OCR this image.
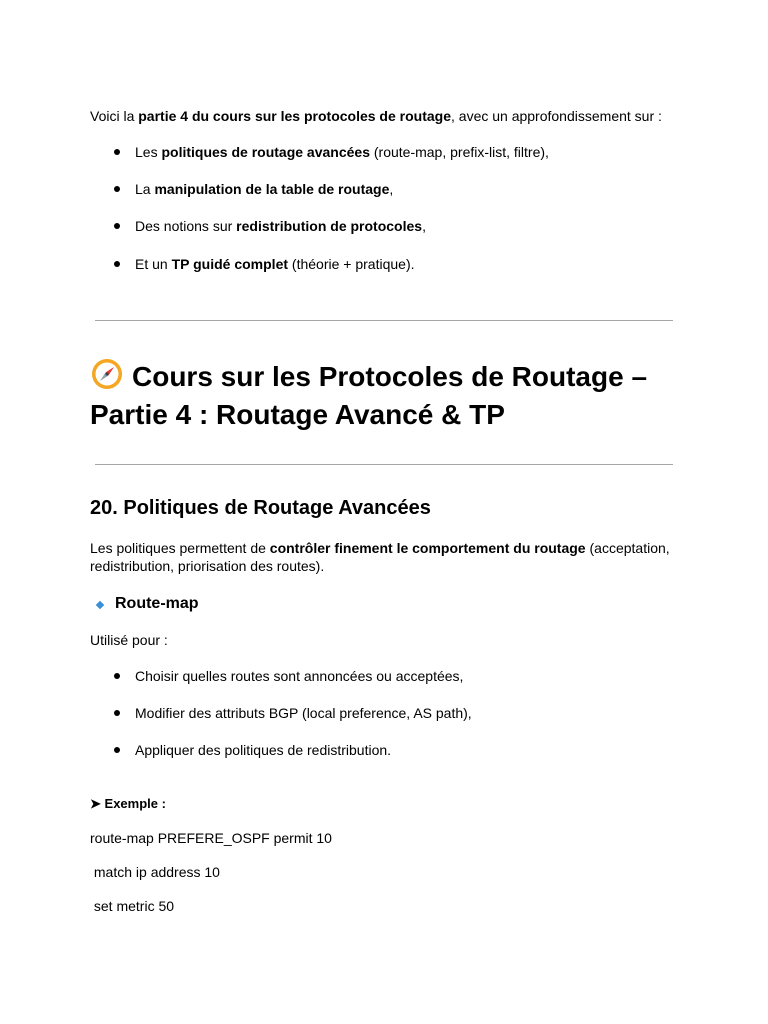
Voici la partie 4 du cours sur les protocoles de routage, avec un approfondissement sur :
Les politiques de routage avancées (route-map, prefix-list, filtre),
La manipulation de la table de routage,
Des notions sur redistribution de protocoles,
Et un TP guidé complet (théorie + pratique).
Cours sur les Protocoles de Routage –
Partie 4 : Routage Avancé & TP
20. Politiques de Routage Avancées
Les politiques permettent de contrôler finement le comportement du routage (acceptation,
redistribution, priorisation des routes).
Route-map
Utilisé pour :
Choisir quelles routes sont annoncées ou acceptées,
Modifier des attributs BGP (local preference, AS path),
Appliquer des politiques de redistribution.
➤ Exemple :
route-map PREFERE_OSPF permit 10
match ip address 10
set metric 50
